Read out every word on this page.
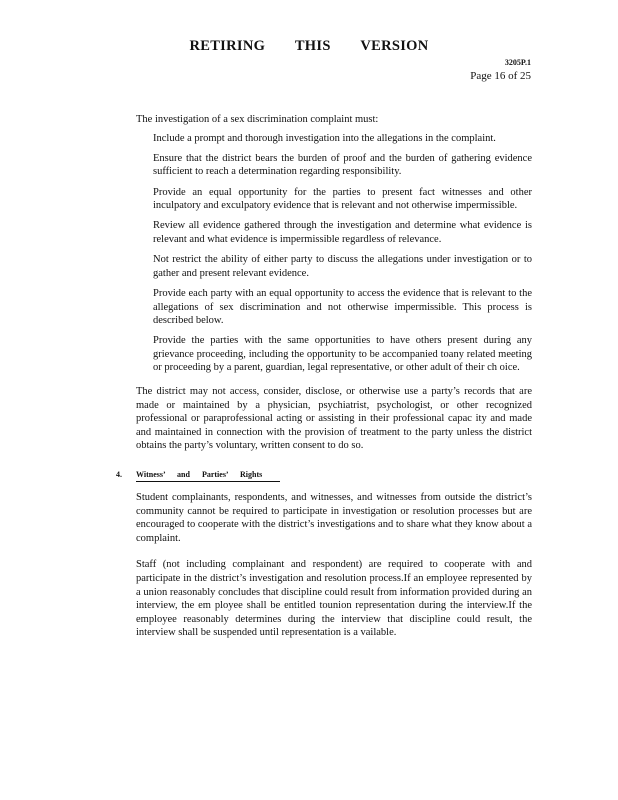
RETIRING THIS VERSION
3205P.1
Page 16 of 25

The investigation of a sex discrimination complaint must:

Include a prompt and thorough investigation into the allegations in the complaint.
Ensure that the district bears the burden of proof and the burden of gathering evidence sufficient to reach a determination regarding responsibility.
Provide an equal opportunity for the parties to present fact witnesses and other inculpatory and exculpatory evidence that is relevant and not otherwise impermissible.
Review all evidence gathered through the investigation and determine what evidence is relevant and what evidence is impermissible regardless of relevance.
Not restrict the ability of either party to discuss the allegations under investigation or to gather and present relevant evidence.
Provide each party with an equal opportunity to access the evidence that is relevant to the allegations of sex discrimination and not otherwise impermissible. This process is described below.
Provide the parties with the same opportunities to have others present during any grievance proceeding, including the opportunity to be accompanied toany related meeting or proceeding by a parent, guardian, legal representative, or other adult of their ch oice.

The district may not access, consider, disclose, or otherwise use a party’s records that are made or maintained by a physician, psychiatrist, psychologist, or other recognized professional or paraprofessional acting or assisting in their professional capac ity and made and maintained in connection with the provision of treatment to the party unless the district obtains the party’s voluntary, written consent to do so.

4. Witness’ and Parties’ Rights

Student complainants, respondents, and witnesses, and witnesses from outside the district’s community cannot be required to participate in investigation or resolution processes but are encouraged to cooperate with the district’s investigations and to share what they know about a complaint.

Staff (not including complainant and respondent) are required to cooperate with and participate in the district’s investigation and resolution process.If an employee represented by a union reasonably concludes that discipline could result from information provided during an interview, the em ployee shall be entitled tounion representation during the interview.If the employee reasonably determines during the interview that discipline could result, the interview shall be suspended until representation is a vailable.
